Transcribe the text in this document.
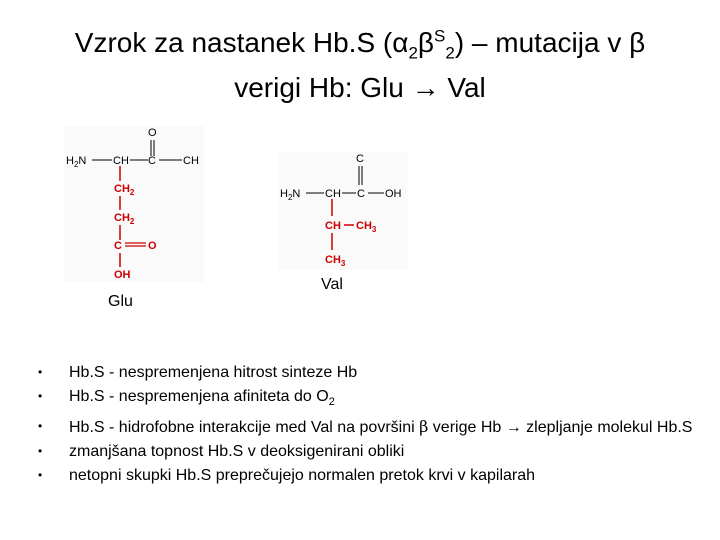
Vzrok za nastanek Hb.S $(\alpha_2\beta^S_2)$ – mutacija v β
verigi Hb: Glu → Val
O
$H_2N$ CH C CH
$CH_2$
$CH_2$
C O
OH
Glu
C
$H_2N$ CH C OH
CH $CH_3$
$CH_3$
Val
• Hb.S - nespremenjena hitrost sinteze Hb
• Hb.S - nespremenjena afiniteta do $O_2$
• Hb.S - hidrofobne interakcije med Val na površini β verige Hb → zlepljanje molekul Hb.S
• zmanjšana topnost Hb.S v deoksigenirani obliki
• netopni skupki Hb.S preprečujejo normalen pretok krvi v kapilarah
